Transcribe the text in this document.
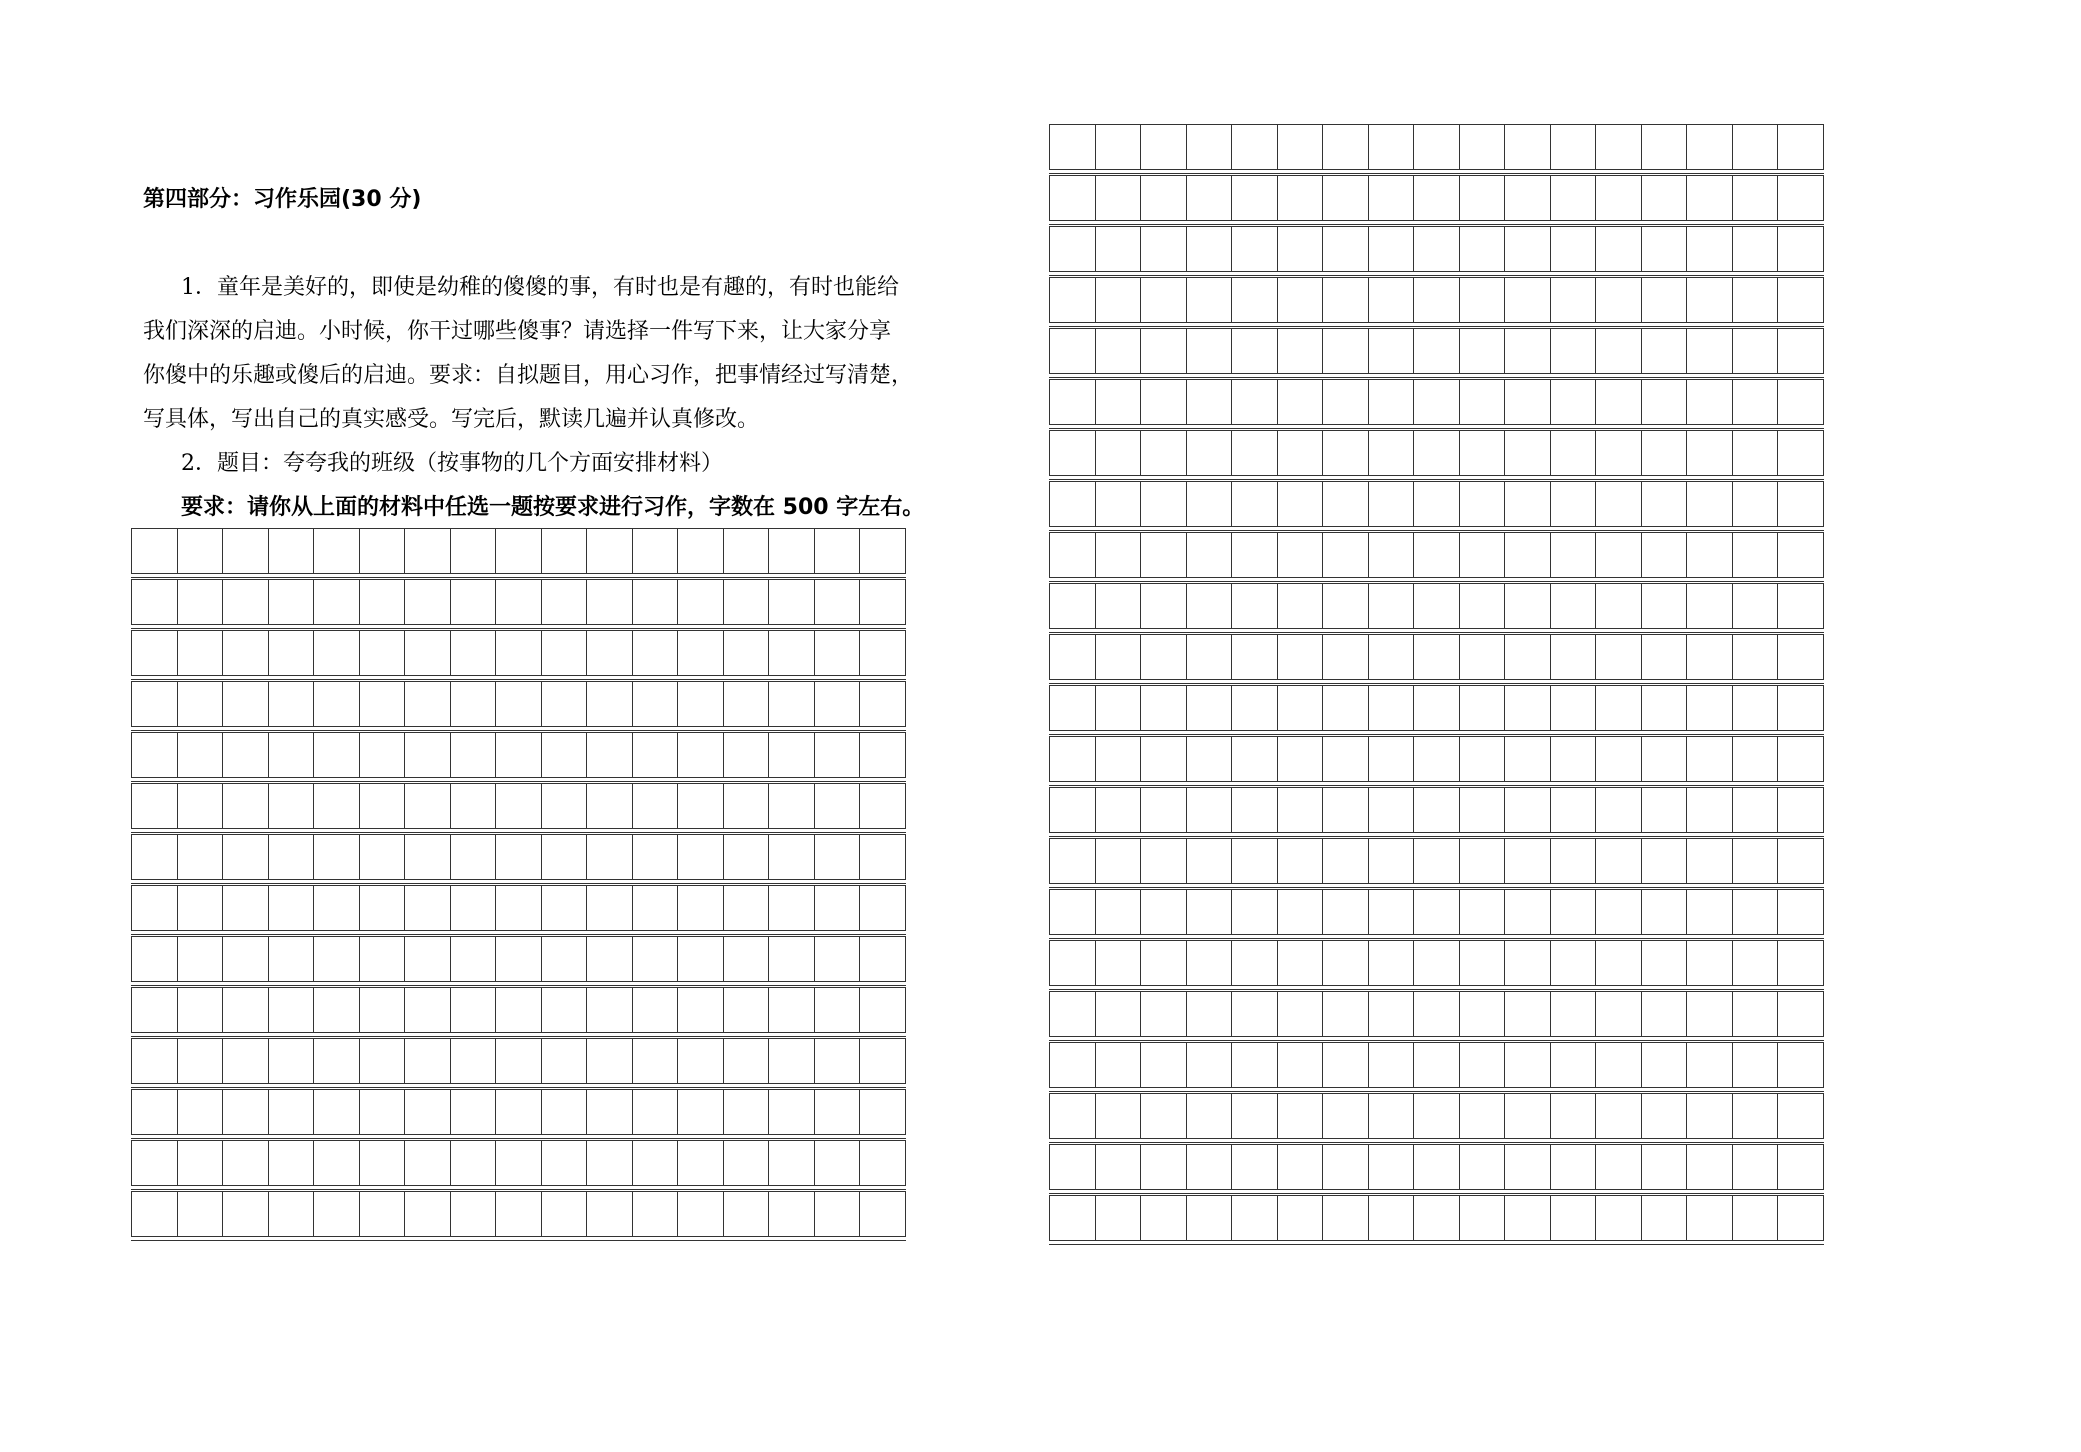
第四部分：习作乐园(30 分)
1．童年是美好的，即使是幼稚的傻傻的事，有时也是有趣的，有时也能给
我们深深的启迪。小时候，你干过哪些傻事？请选择一件写下来，让大家分享
你傻中的乐趣或傻后的启迪。要求：自拟题目，用心习作，把事情经过写清楚，
写具体，写出自己的真实感受。写完后，默读几遍并认真修改。
2．题目：夸夸我的班级（按事物的几个方面安排材料）
要求：请你从上面的材料中任选一题按要求进行习作，字数在 500 字左右。
